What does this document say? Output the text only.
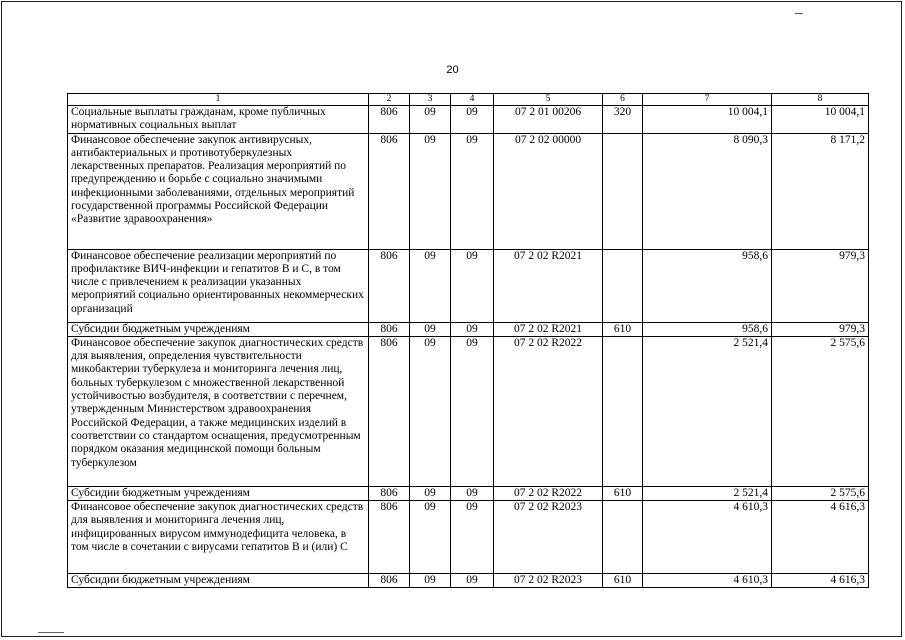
20
1	2	3	4	5	6	7	8
Социальные выплаты гражданам, кроме публичных нормативных социальных выплат	806	09	09	07 2 01 00206	320	10 004,1	10 004,1
Финансовое обеспечение закупок антивирусных, антибактериальных и противотуберкулезных лекарственных препаратов. Реализация мероприятий по предупреждению и борьбе с социально значимыми инфекционными заболеваниями, отдельных мероприятий государственной программы Российской Федерации «Развитие здравоохранения»	806	09	09	07 2 02 00000		8 090,3	8 171,2
Финансовое обеспечение реализации мероприятий по профилактике ВИЧ-инфекции и гепатитов B и C, в том числе с привлечением к реализации указанных мероприятий социально ориентированных некоммерческих организаций	806	09	09	07 2 02 R2021		958,6	979,3
Субсидии бюджетным учреждениям	806	09	09	07 2 02 R2021	610	958,6	979,3
Финансовое обеспечение закупок диагностических средств для выявления, определения чувствительности микобактерии туберкулеза и мониторинга лечения лиц, больных туберкулезом с множественной лекарственной устойчивостью возбудителя, в соответствии с перечнем, утвержденным Министерством здравоохранения Российской Федерации, а также медицинских изделий в соответствии со стандартом оснащения, предусмотренным порядком оказания медицинской помощи больным туберкулезом	806	09	09	07 2 02 R2022		2 521,4	2 575,6
Субсидии бюджетным учреждениям	806	09	09	07 2 02 R2022	610	2 521,4	2 575,6
Финансовое обеспечение закупок диагностических средств для выявления и мониторинга лечения лиц, инфицированных вирусом иммунодефицита человека, в том числе в сочетании с вирусами гепатитов B и (или) C	806	09	09	07 2 02 R2023		4 610,3	4 616,3
Субсидии бюджетным учреждениям	806	09	09	07 2 02 R2023	610	4 610,3	4 616,3
